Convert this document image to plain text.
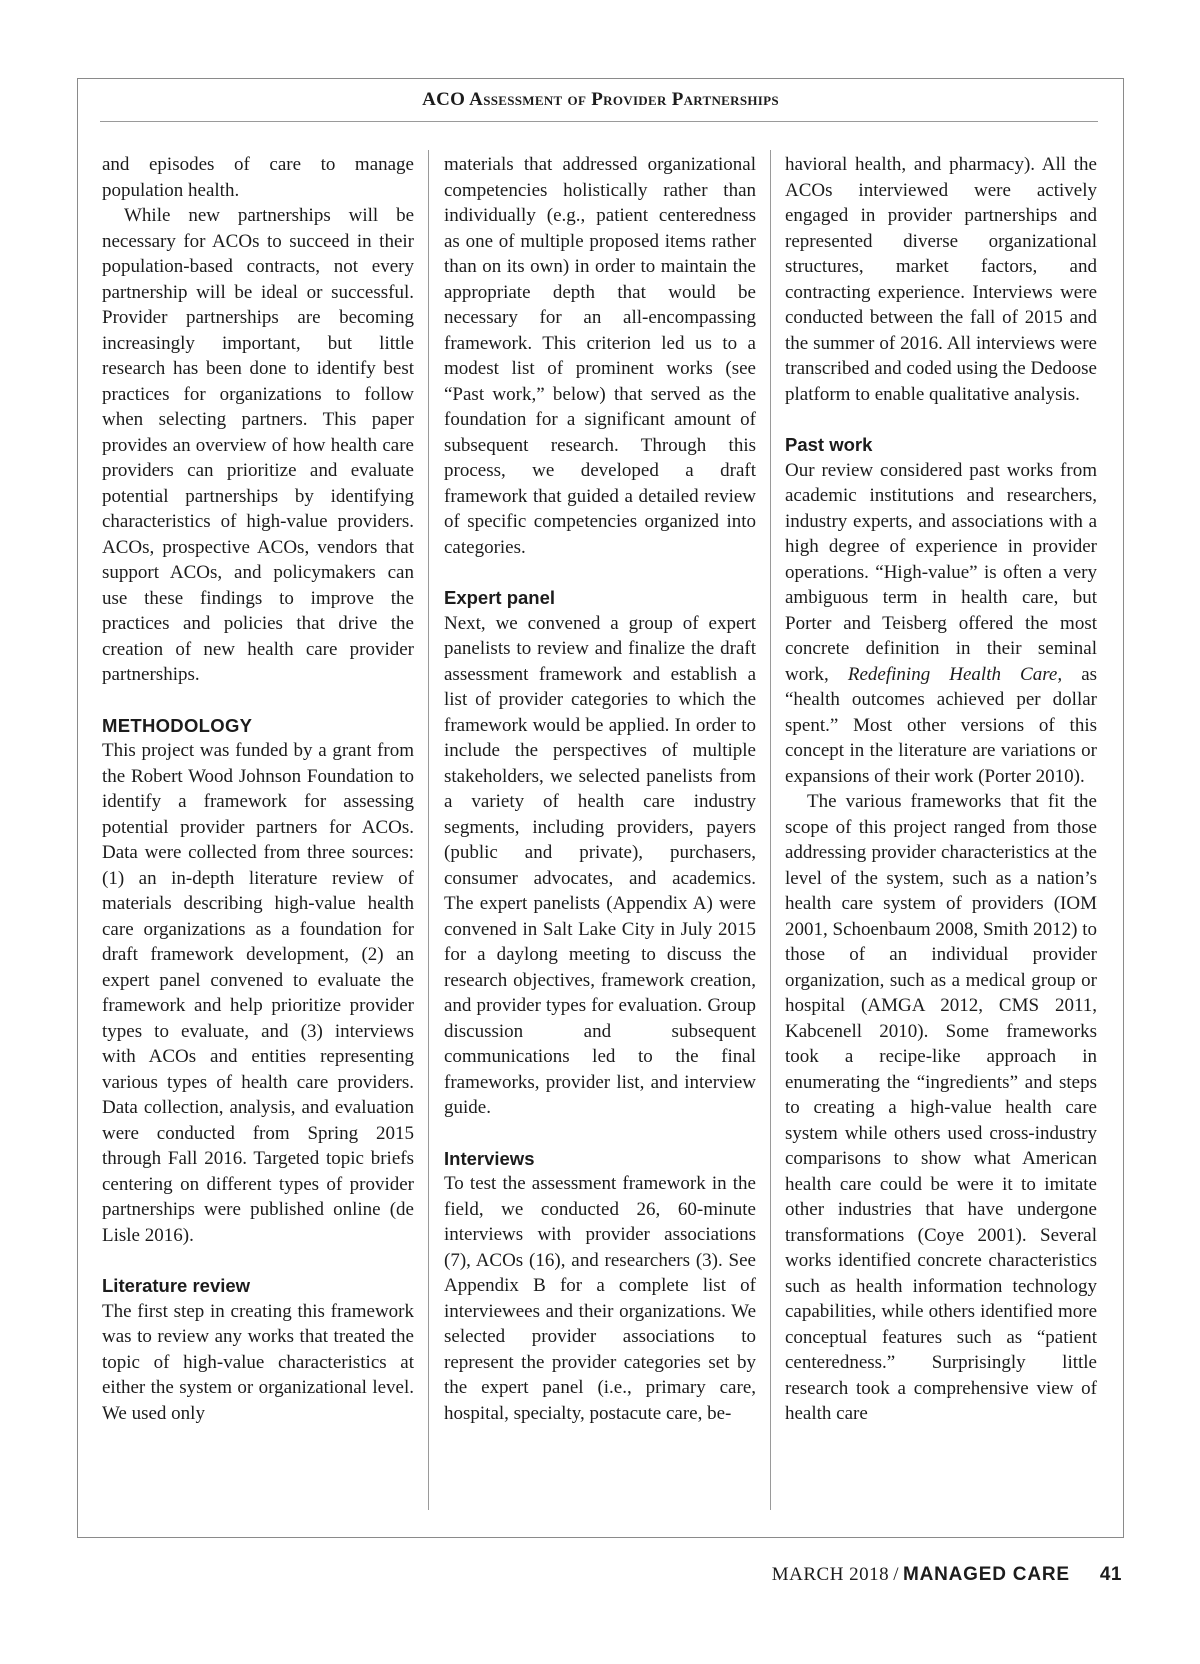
ACO Assessment of Provider Partnerships

and episodes of care to manage population health.

While new partnerships will be necessary for ACOs to succeed in their population-based contracts, not every partnership will be ideal or successful. Provider partnerships are becoming increasingly important, but little research has been done to identify best practices for organizations to follow when selecting partners. This paper provides an overview of how health care providers can prioritize and evaluate potential partnerships by identifying characteristics of high-value providers. ACOs, prospective ACOs, vendors that support ACOs, and policymakers can use these findings to improve the practices and policies that drive the creation of new health care provider partnerships.

METHODOLOGY

This project was funded by a grant from the Robert Wood Johnson Foundation to identify a framework for assessing potential provider partners for ACOs. Data were collected from three sources: (1) an in-depth literature review of materials describing high-value health care organizations as a foundation for draft framework development, (2) an expert panel convened to evaluate the framework and help prioritize provider types to evaluate, and (3) interviews with ACOs and entities representing various types of health care providers. Data collection, analysis, and evaluation were conducted from Spring 2015 through Fall 2016. Targeted topic briefs centering on different types of provider partnerships were published online (de Lisle 2016).

Literature review

The first step in creating this framework was to review any works that treated the topic of high-value characteristics at either the system or organizational level. We used only

materials that addressed organizational competencies holistically rather than individually (e.g., patient centeredness as one of multiple proposed items rather than on its own) in order to maintain the appropriate depth that would be necessary for an all-encompassing framework. This criterion led us to a modest list of prominent works (see “Past work,” below) that served as the foundation for a significant amount of subsequent research. Through this process, we developed a draft framework that guided a detailed review of specific competencies organized into categories.

Expert panel

Next, we convened a group of expert panelists to review and finalize the draft assessment framework and establish a list of provider categories to which the framework would be applied. In order to include the perspectives of multiple stakeholders, we selected panelists from a variety of health care industry segments, including providers, payers (public and private), purchasers, consumer advocates, and academics. The expert panelists (Appendix A) were convened in Salt Lake City in July 2015 for a daylong meeting to discuss the research objectives, framework creation, and provider types for evaluation. Group discussion and subsequent communications led to the final frameworks, provider list, and interview guide.

Interviews

To test the assessment framework in the field, we conducted 26, 60-minute interviews with provider associations (7), ACOs (16), and researchers (3). See Appendix B for a complete list of interviewees and their organizations. We selected provider associations to represent the provider categories set by the expert panel (i.e., primary care, hospital, specialty, postacute care, be-

havioral health, and pharmacy). All the ACOs interviewed were actively engaged in provider partnerships and represented diverse organizational structures, market factors, and contracting experience. Interviews were conducted between the fall of 2015 and the summer of 2016. All interviews were transcribed and coded using the Dedoose platform to enable qualitative analysis.

Past work

Our review considered past works from academic institutions and researchers, industry experts, and associations with a high degree of experience in provider operations. “High-value” is often a very ambiguous term in health care, but Porter and Teisberg offered the most concrete definition in their seminal work, Redefining Health Care, as “health outcomes achieved per dollar spent.” Most other versions of this concept in the literature are variations or expansions of their work (Porter 2010).

The various frameworks that fit the scope of this project ranged from those addressing provider characteristics at the level of the system, such as a nation’s health care system of providers (IOM 2001, Schoenbaum 2008, Smith 2012) to those of an individual provider organization, such as a medical group or hospital (AMGA 2012, CMS 2011, Kabcenell 2010). Some frameworks took a recipe-like approach in enumerating the “ingredients” and steps to creating a high-value health care system while others used cross-industry comparisons to show what American health care could be were it to imitate other industries that have undergone transformations (Coye 2001). Several works identified concrete characteristics such as health information technology capabilities, while others identified more conceptual features such as “patient centeredness.” Surprisingly little research took a comprehensive view of health care

MARCH 2018 / MANAGED CARE 41
